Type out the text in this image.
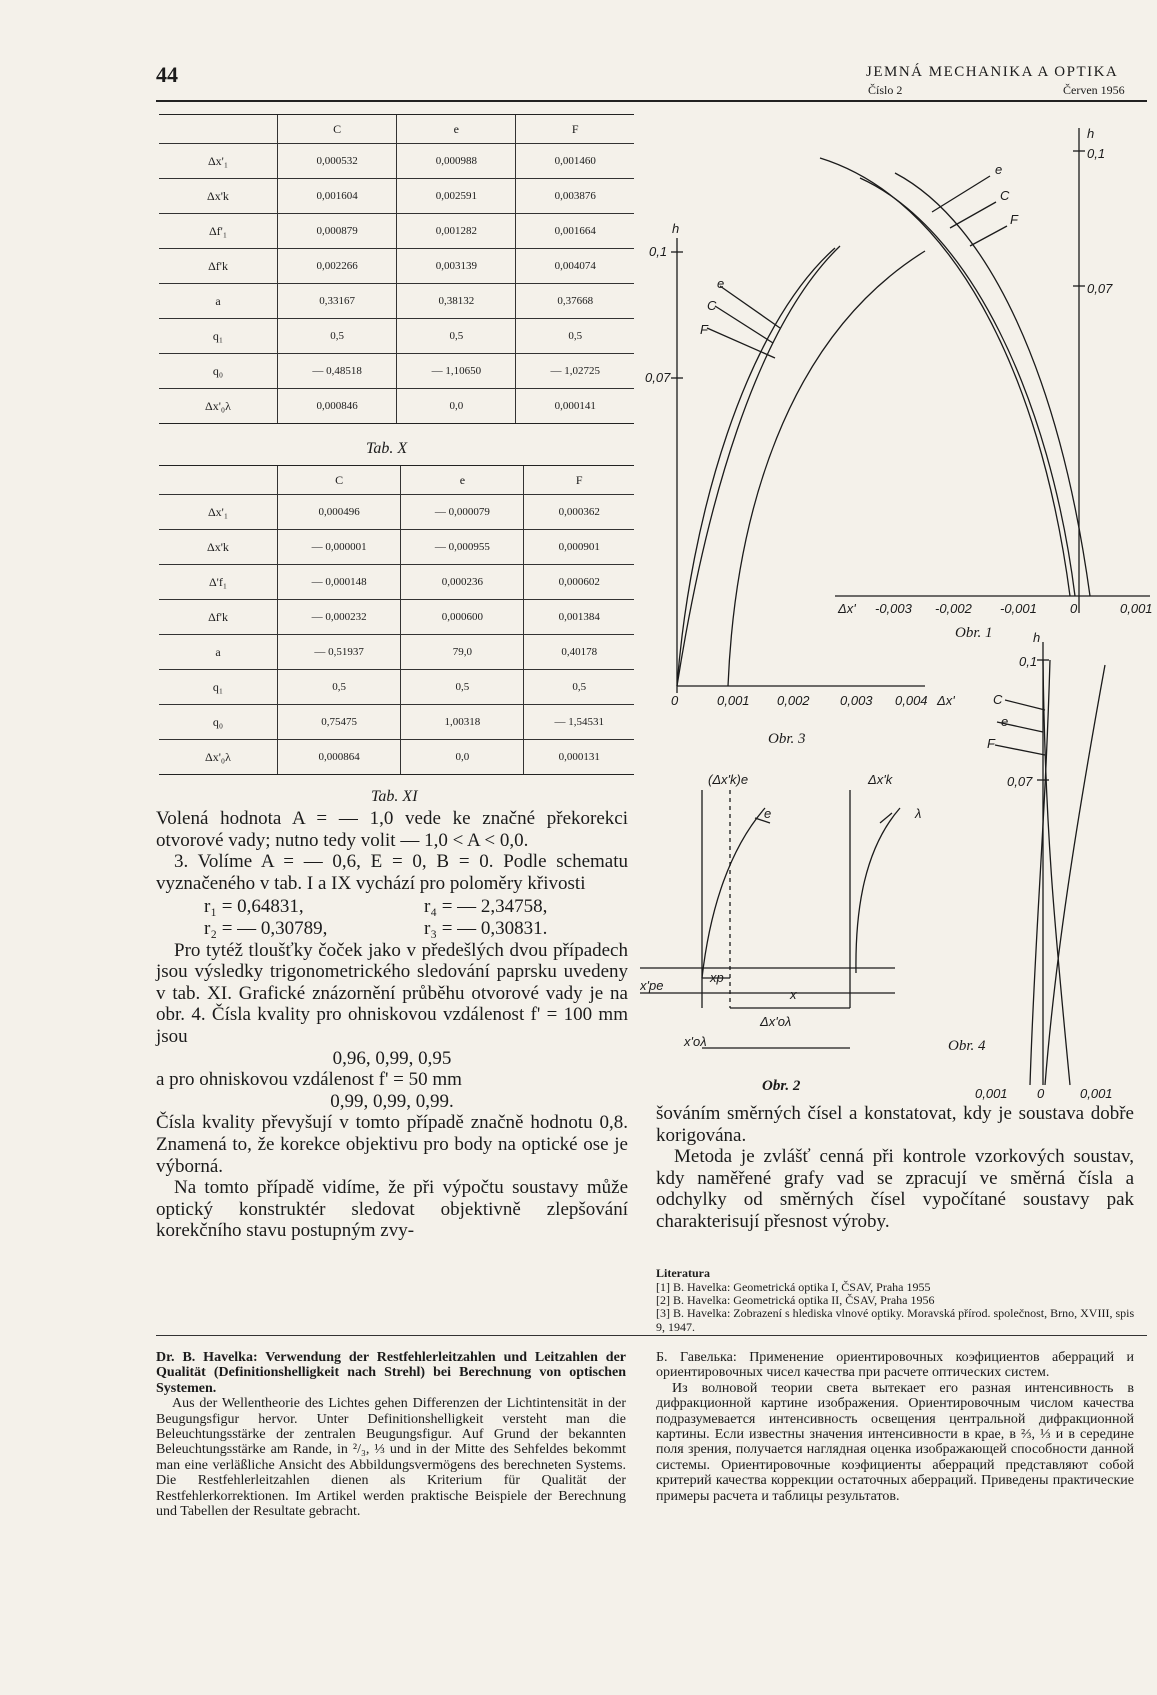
44	JEMNÁ MECHANIKA A OPTIKA
Číslo 2	Červen 1956
	C	e	F
Δx'₁	0,000532	0,000988	0,001460
Δx'k	0,001604	0,002591	0,003876
Δf'₁	0,000879	0,001282	0,001664
Δf'k	0,002266	0,003139	0,004074
a	0,33167	0,38132	0,37668
q₁	0,5	0,5	0,5
q₀	— 0,48518	— 1,10650	— 1,02725
Δx'₀λ	0,000846	0,0	0,000141
Tab. X
	C	e	F
Δx'₁	0,000496	— 0,000079	0,000362
Δx'k	— 0,000001	— 0,000955	0,000901
Δ'f₁	— 0,000148	0,000236	0,000602
Δf'k	— 0,000232	0,000600	0,001384
a	— 0,51937	79,0	0,40178
q₁	0,5	0,5	0,5
q₀	0,75475	1,00318	— 1,54531
Δx'₀λ	0,000864	0,0	0,000131
Tab. XI

Volená hodnota A = — 1,0 vede ke značné překorekci otvorové vady; nutno tedy volit — 1,0 < A < 0,0.

3. Volíme A = — 0,6, E = 0, B = 0. Podle schematu vyznačeného v tab. I a IX vychází pro poloměry křivosti

r₁ = 0,64831,	r₄ = — 2,34758,
r₂ = — 0,30789,	r₃ = — 0,30831.

Pro tytéž tloušťky čoček jako v předešlých dvou případech jsou výsledky trigonometrického sledování paprsku uvedeny v tab. XI. Grafické znázornění průběhu otvorové vady je na obr. 4. Čísla kvality pro ohniskovou vzdálenost f' = 100 mm jsou

0,96, 0,99, 0,95

a pro ohniskovou vzdálenost f' = 50 mm

0,99, 0,99, 0,99.

Čísla kvality převyšují v tomto případě značně hodnotu 0,8. Znamená to, že korekce objektivu pro body na optické ose je výborná.

Na tomto případě vidíme, že při výpočtu soustavy může optický konstruktér sledovat objektivně zlepšování korekčního stavu postupným zvy-

šováním směrných čísel a konstatovat, kdy je soustava dobře korigována.

Metoda je zvlášť cenná při kontrole vzorkových soustav, kdy naměřené grafy vad se zpracují ve směrná čísla a odchylky od směrných čísel vypočítané soustavy pak charakterisují přesnost výroby.

Literatura

[1] B. Havelka: Geometrická optika I, ČSAV, Praha 1955

[2] B. Havelka: Geometrická optika II, ČSAV, Praha 1956

[3] B. Havelka: Zobrazení s hlediska vlnové optiky. Moravská přírod. společnost, Brno, XVIII, spis 9, 1947.

Dr. B. Havelka: Verwendung der Restfehlerleitzahlen und Leitzahlen der Qualität (Definitionshelligkeit nach Strehl) bei Berechnung von optischen Systemen.

Aus der Wellentheorie des Lichtes gehen Differenzen der Lichtintensität in der Beugungsfigur hervor. Unter Definitionshelligkeit versteht man die Beleuchtungsstärke der zentralen Beugungsfigur. Auf Grund der bekannten Beleuchtungsstärke am Rande, in ²/₃, ⅓ und in der Mitte des Sehfeldes bekommt man eine verläßliche Ansicht des Abbildungsvermögens des berechneten Systems. Die Restfehlerleitzahlen dienen als Kriterium für Qualität der Restfehlerkorrektionen. Im Artikel werden praktische Beispiele der Berechnung und Tabellen der Resultate gebracht.

Б. Гавелька: Применение ориентировочных коэфициентов аберраций и ориентировочных чисел качества при расчете оптических систем.

Из волновой теории света вытекает его разная интенсивность в дифракционной картине изображения. Ориентировочным числом качества подразумевается интенсивность освещения центральной дифракционной картины. Если известны значения интенсивности в крае, в ⅔, ⅓ и в середине поля зрения, получается наглядная оценка изображающей способности данной системы. Ориентировочные коэфициенты аберраций представляют собой критерий качества коррекции остаточных аберраций. Приведены практические примеры расчета и таблицы результатов.

e
C
F
h
0,1
0,07
Δx' -0,003 -0,002 -0,001	0	0,001
Obr. 1
h
0,1
0,07
e
C
F
0	0,001 0,002 0,003 0,004 Δx'
Obr. 3
(Δx'k)e	Δx'k
e	λ
x'pe
xp
x
Δx'oλ
x'oλ
Obr. 2
h
0,1
0,07
C
e
F
0,001 0	0,001
Obr. 4
